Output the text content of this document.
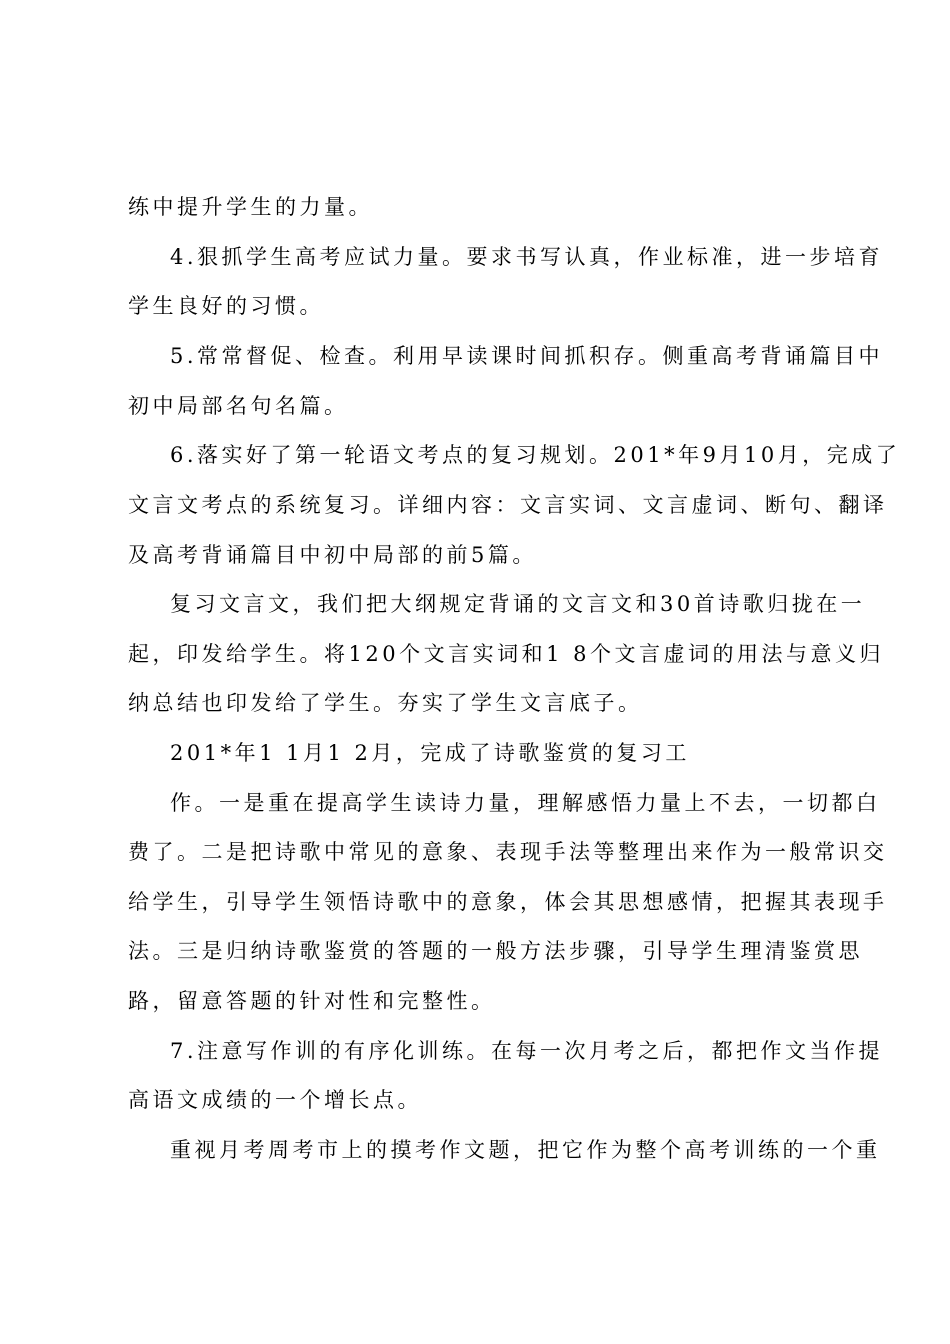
练中提升学生的力量。
4.狠抓学生高考应试力量。要求书写认真，作业标准，进一步培育
学生良好的习惯。
5.常常督促、检查。利用早读课时间抓积存。侧重高考背诵篇目中
初中局部名句名篇。
6.落实好了第一轮语文考点的复习规划。201*年9月10月，完成了
文言文考点的系统复习。详细内容：文言实词、文言虚词、断句、翻译
及高考背诵篇目中初中局部的前5篇。
复习文言文，我们把大纲规定背诵的文言文和30首诗歌归拢在一
起，印发给学生。将120个文言实词和1 8个文言虚词的用法与意义归
纳总结也印发给了学生。夯实了学生文言底子。
201*年1 1月1 2月，完成了诗歌鉴赏的复习工
作。一是重在提高学生读诗力量，理解感悟力量上不去，一切都白
费了。二是把诗歌中常见的意象、表现手法等整理出来作为一般常识交
给学生，引导学生领悟诗歌中的意象，体会其思想感情，把握其表现手
法。三是归纳诗歌鉴赏的答题的一般方法步骤，引导学生理清鉴赏思
路，留意答题的针对性和完整性。
7.注意写作训的有序化训练。在每一次月考之后，都把作文当作提
高语文成绩的一个增长点。
重视月考周考市上的摸考作文题，把它作为整个高考训练的一个重
